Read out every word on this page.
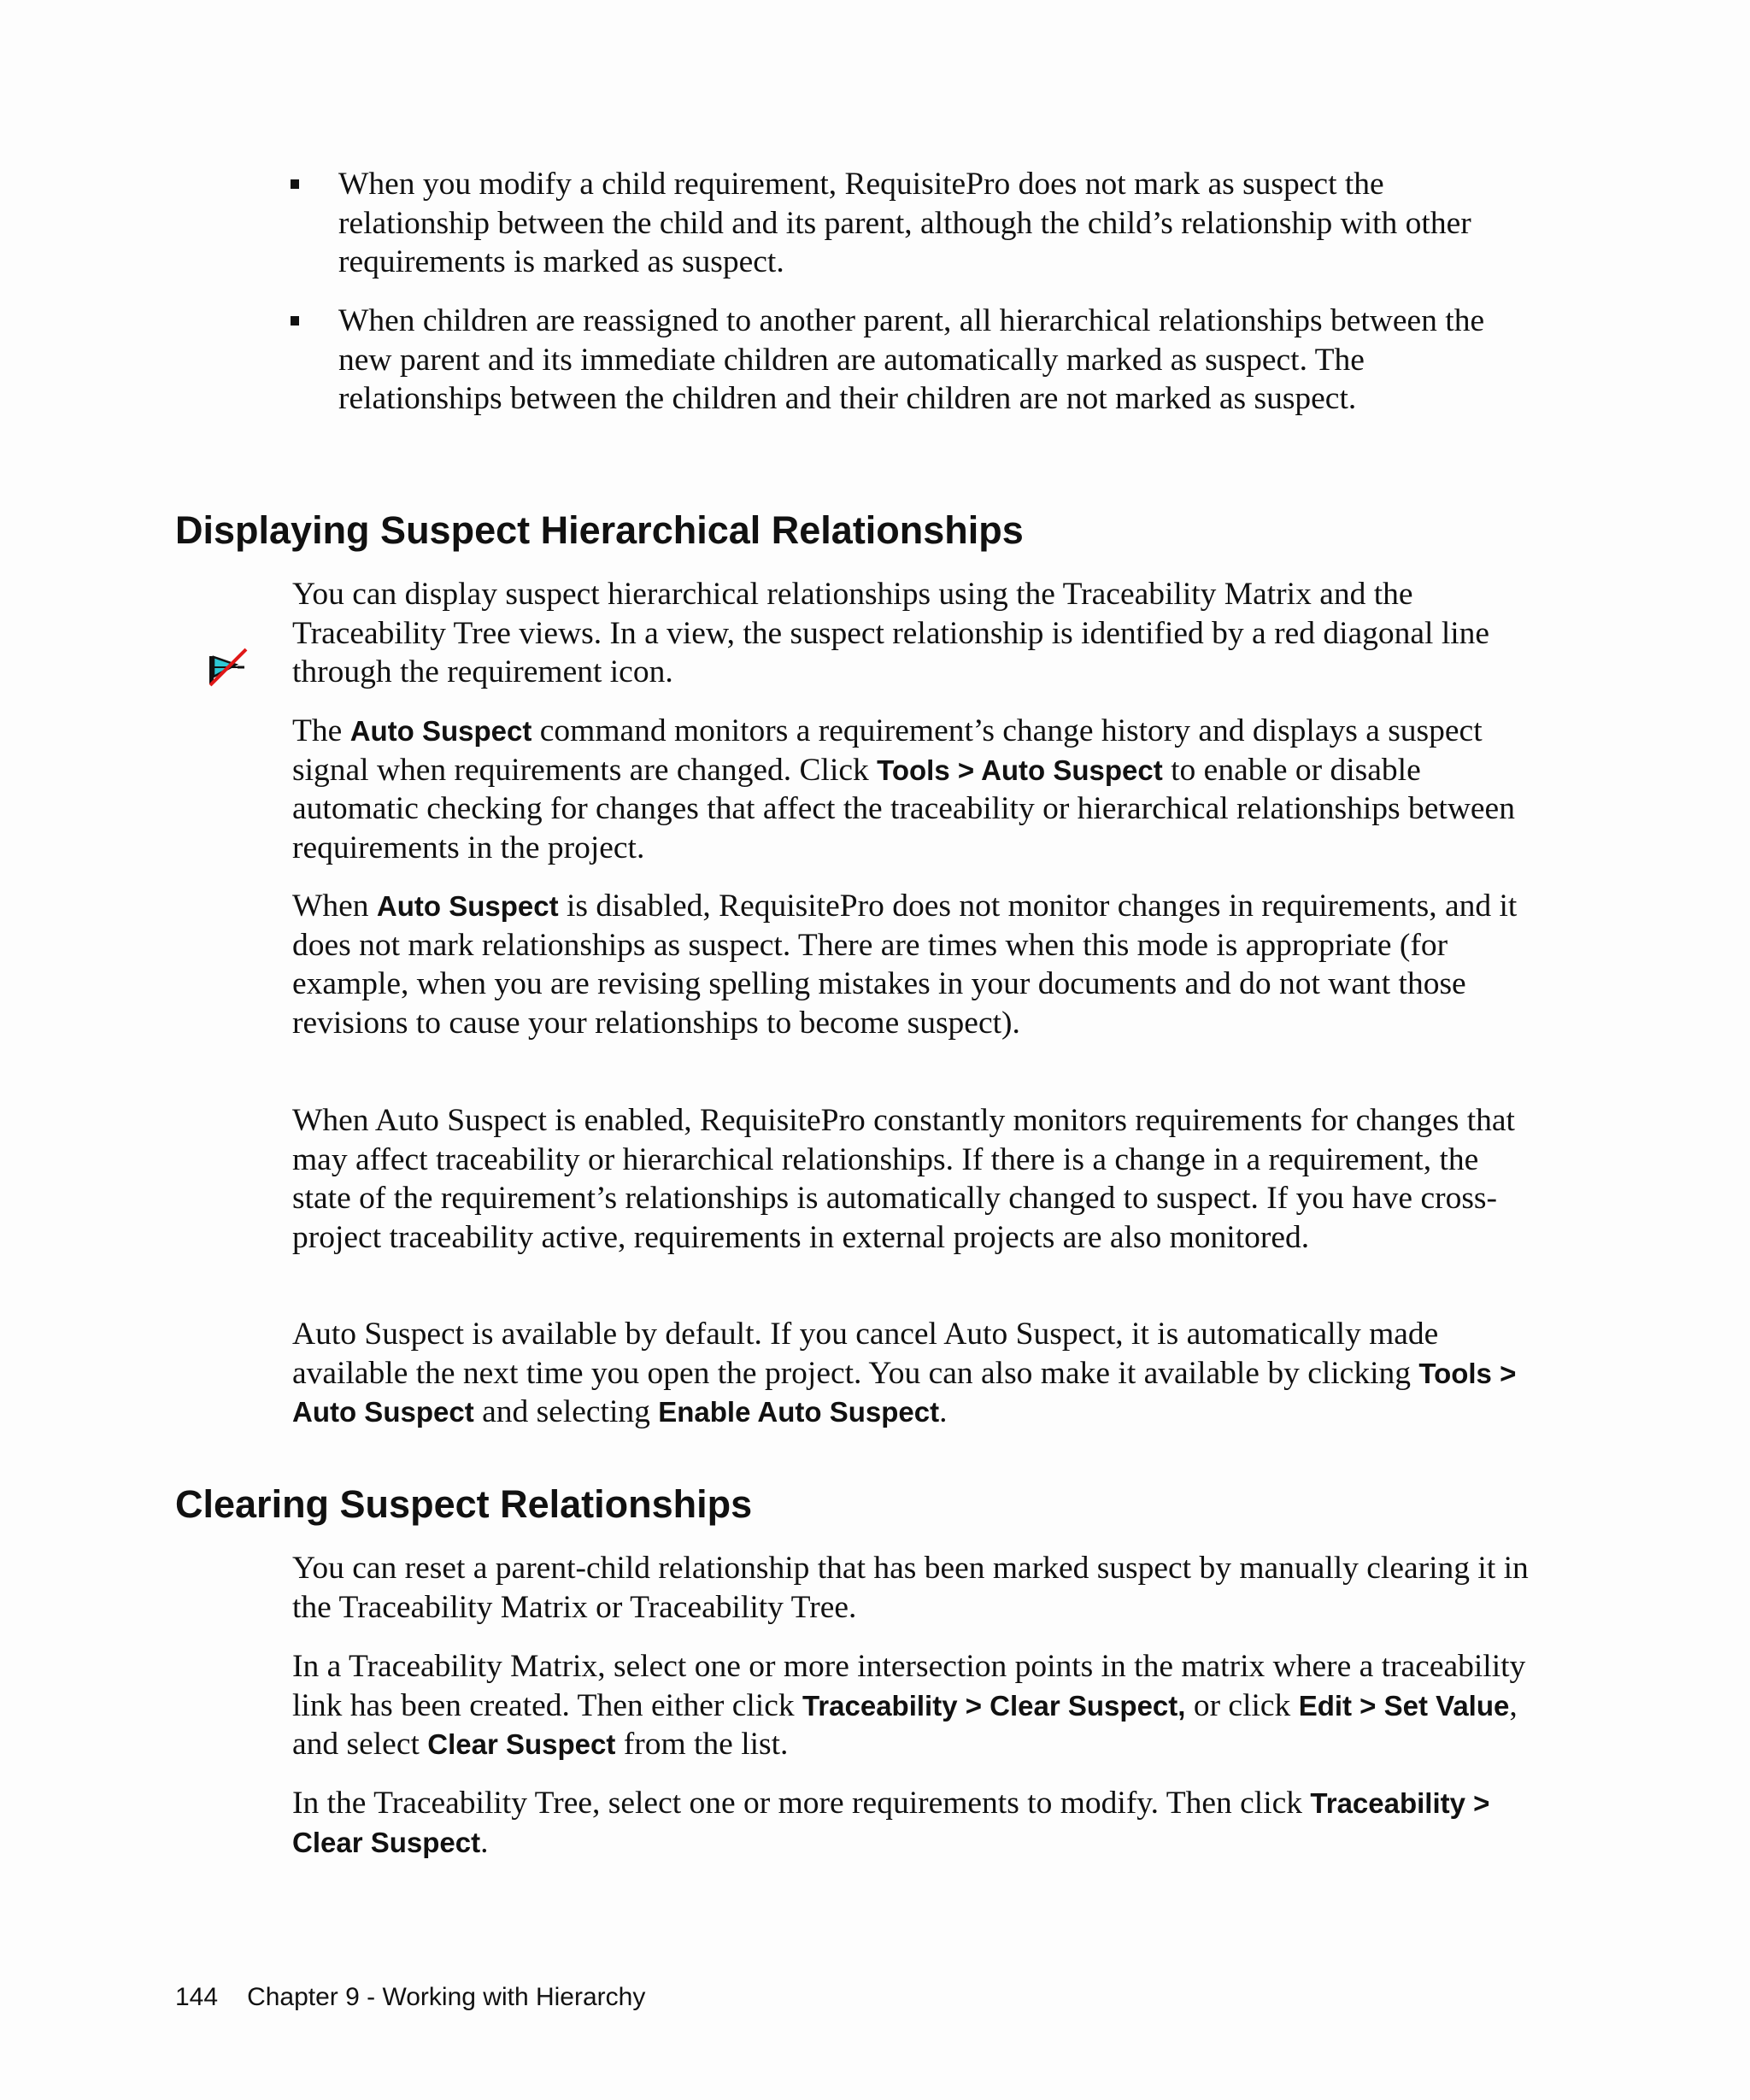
When you modify a child requirement, RequisitePro does not mark as suspect the relationship between the child and its parent, although the child’s relationship with other requirements is marked as suspect.
When children are reassigned to another parent, all hierarchical relationships between the new parent and its immediate children are automatically marked as suspect. The relationships between the children and their children are not marked as suspect.
Displaying Suspect Hierarchical Relationships
You can display suspect hierarchical relationships using the Traceability Matrix and the Traceability Tree views. In a view, the suspect relationship is identified by a red diagonal line through the requirement icon.
The Auto Suspect command monitors a requirement’s change history and displays a suspect signal when requirements are changed. Click Tools > Auto Suspect to enable or disable automatic checking for changes that affect the traceability or hierarchical relationships between requirements in the project.
When Auto Suspect is disabled, RequisitePro does not monitor changes in requirements, and it does not mark relationships as suspect. There are times when this mode is appropriate (for example, when you are revising spelling mistakes in your documents and do not want those revisions to cause your relationships to become suspect).
When Auto Suspect is enabled, RequisitePro constantly monitors requirements for changes that may affect traceability or hierarchical relationships. If there is a change in a requirement, the state of the requirement’s relationships is automatically changed to suspect. If you have cross-project traceability active, requirements in external projects are also monitored.
Auto Suspect is available by default. If you cancel Auto Suspect, it is automatically made available the next time you open the project. You can also make it available by clicking Tools > Auto Suspect and selecting Enable Auto Suspect.
Clearing Suspect Relationships
You can reset a parent-child relationship that has been marked suspect by manually clearing it in the Traceability Matrix or Traceability Tree.
In a Traceability Matrix, select one or more intersection points in the matrix where a traceability link has been created. Then either click Traceability > Clear Suspect, or click Edit > Set Value, and select Clear Suspect from the list.
In the Traceability Tree, select one or more requirements to modify. Then click Traceability > Clear Suspect.
144 Chapter 9 - Working with Hierarchy
